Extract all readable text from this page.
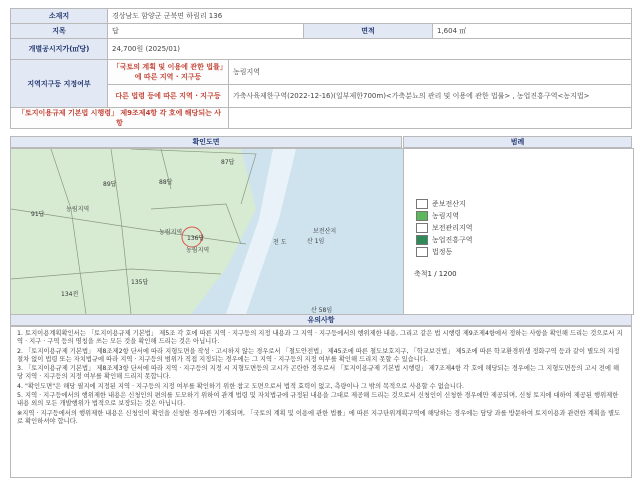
소재지	경상남도 함양군 군북면 하림리 136			
지목	답		면적	1,604 ㎡
개별공시지가(㎡당)	24,700원 (2025/01)			
지역지구등 지정여부	「국토의 계획 및 이용에 관한 법률」에 따른 지역 · 지구등	농림지역		
	다른 법령 등에 따른 지역 · 지구등	가축사육제한구역(2022-12-16)(일부제한700m)<가축분뇨의 관리 및 이용에 관한 법률> , 농업진흥구역<농지법>		
「토지이용규제 기본법 시행령」 제9조제4항 각 호에 해당되는 사항				
확인도면	범례
87답
89답	88답
91답
136답
135답
134전
산 1임
산 58임
농림지역
농림지역
농림지역
보전산지
천 도
준보전산지
농림지역
보전관리지역
농업진흥구역
법정동
축척1 / 1200
유의사항

1. 토지이용계획확인서는 「토지이용규제 기본법」 제5조 각 호에 따른 지역 · 지구등의 지정 내용과 그 지역 · 지구등에서의 행위제한 내용, 그리고 같은 법 시행령 제9조제4항에서 정하는 사항을 확인해 드리는 것으로서 지역 · 지구 · 구역 등의 명칭을 쓰는 모든 것을 확인해 드리는 것은 아닙니다.

2. 「토지이용규제 기본법」 제8조제2항 단서에 따라 지형도면을 작성 · 고시하지 않는 경우로서 「철도안전법」 제45조에 따른 철도보호지구, 「학교보건법」 제5조에 따른 학교환경위생 정화구역 등과 같이 별도의 지정 절차 없이 법령 또는 자치법규에 따라 지역 · 지구등의 범위가 직접 지정되는 경우에는 그 지역 · 지구등의 지정 여부를 확인해 드리지 못할 수 있습니다.

3. 「토지이용규제 기본법」 제8조제3항 단서에 따라 지역 · 지구등의 지정 시 지형도면등의 고시가 곤란한 경우로서 「토지이용규제 기본법 시행령」 제7조제4항 각 호에 해당되는 경우에는 그 지형도면등의 고시 전에 해당 지역 · 지구등의 지정 여부를 확인해 드리지 못합니다.

4. "확인도면"은 해당 필지에 지정된 지역 · 지구등의 지정 여부를 확인하기 위한 참고 도면으로서 법적 효력이 없고, 측량이나 그 밖의 목적으로 사용할 수 없습니다.

5. 지역 · 지구등에서의 행위제한 내용은 신청인의 편의를 도모하기 위하여 관계 법령 및 자치법규에 규정된 내용을 그대로 제공해 드리는 것으로서 신청인이 신청한 경우에만 제공되며, 신청 토지에 대하여 제공된 행위제한 내용 외의 모든 개발행위가 법적으로 보장되는 것은 아닙니다.

※지역 · 지구등에서의 행위제한 내용은 신청인이 확인을 신청한 경우에만 기재되며, 「국토의 계획 및 이용에 관한 법률」에 따른 지구단위계획구역에 해당하는 경우에는 담당 과를 방문하여 토지이용과 관련한 계획을 별도로 확인하셔야 합니다.
